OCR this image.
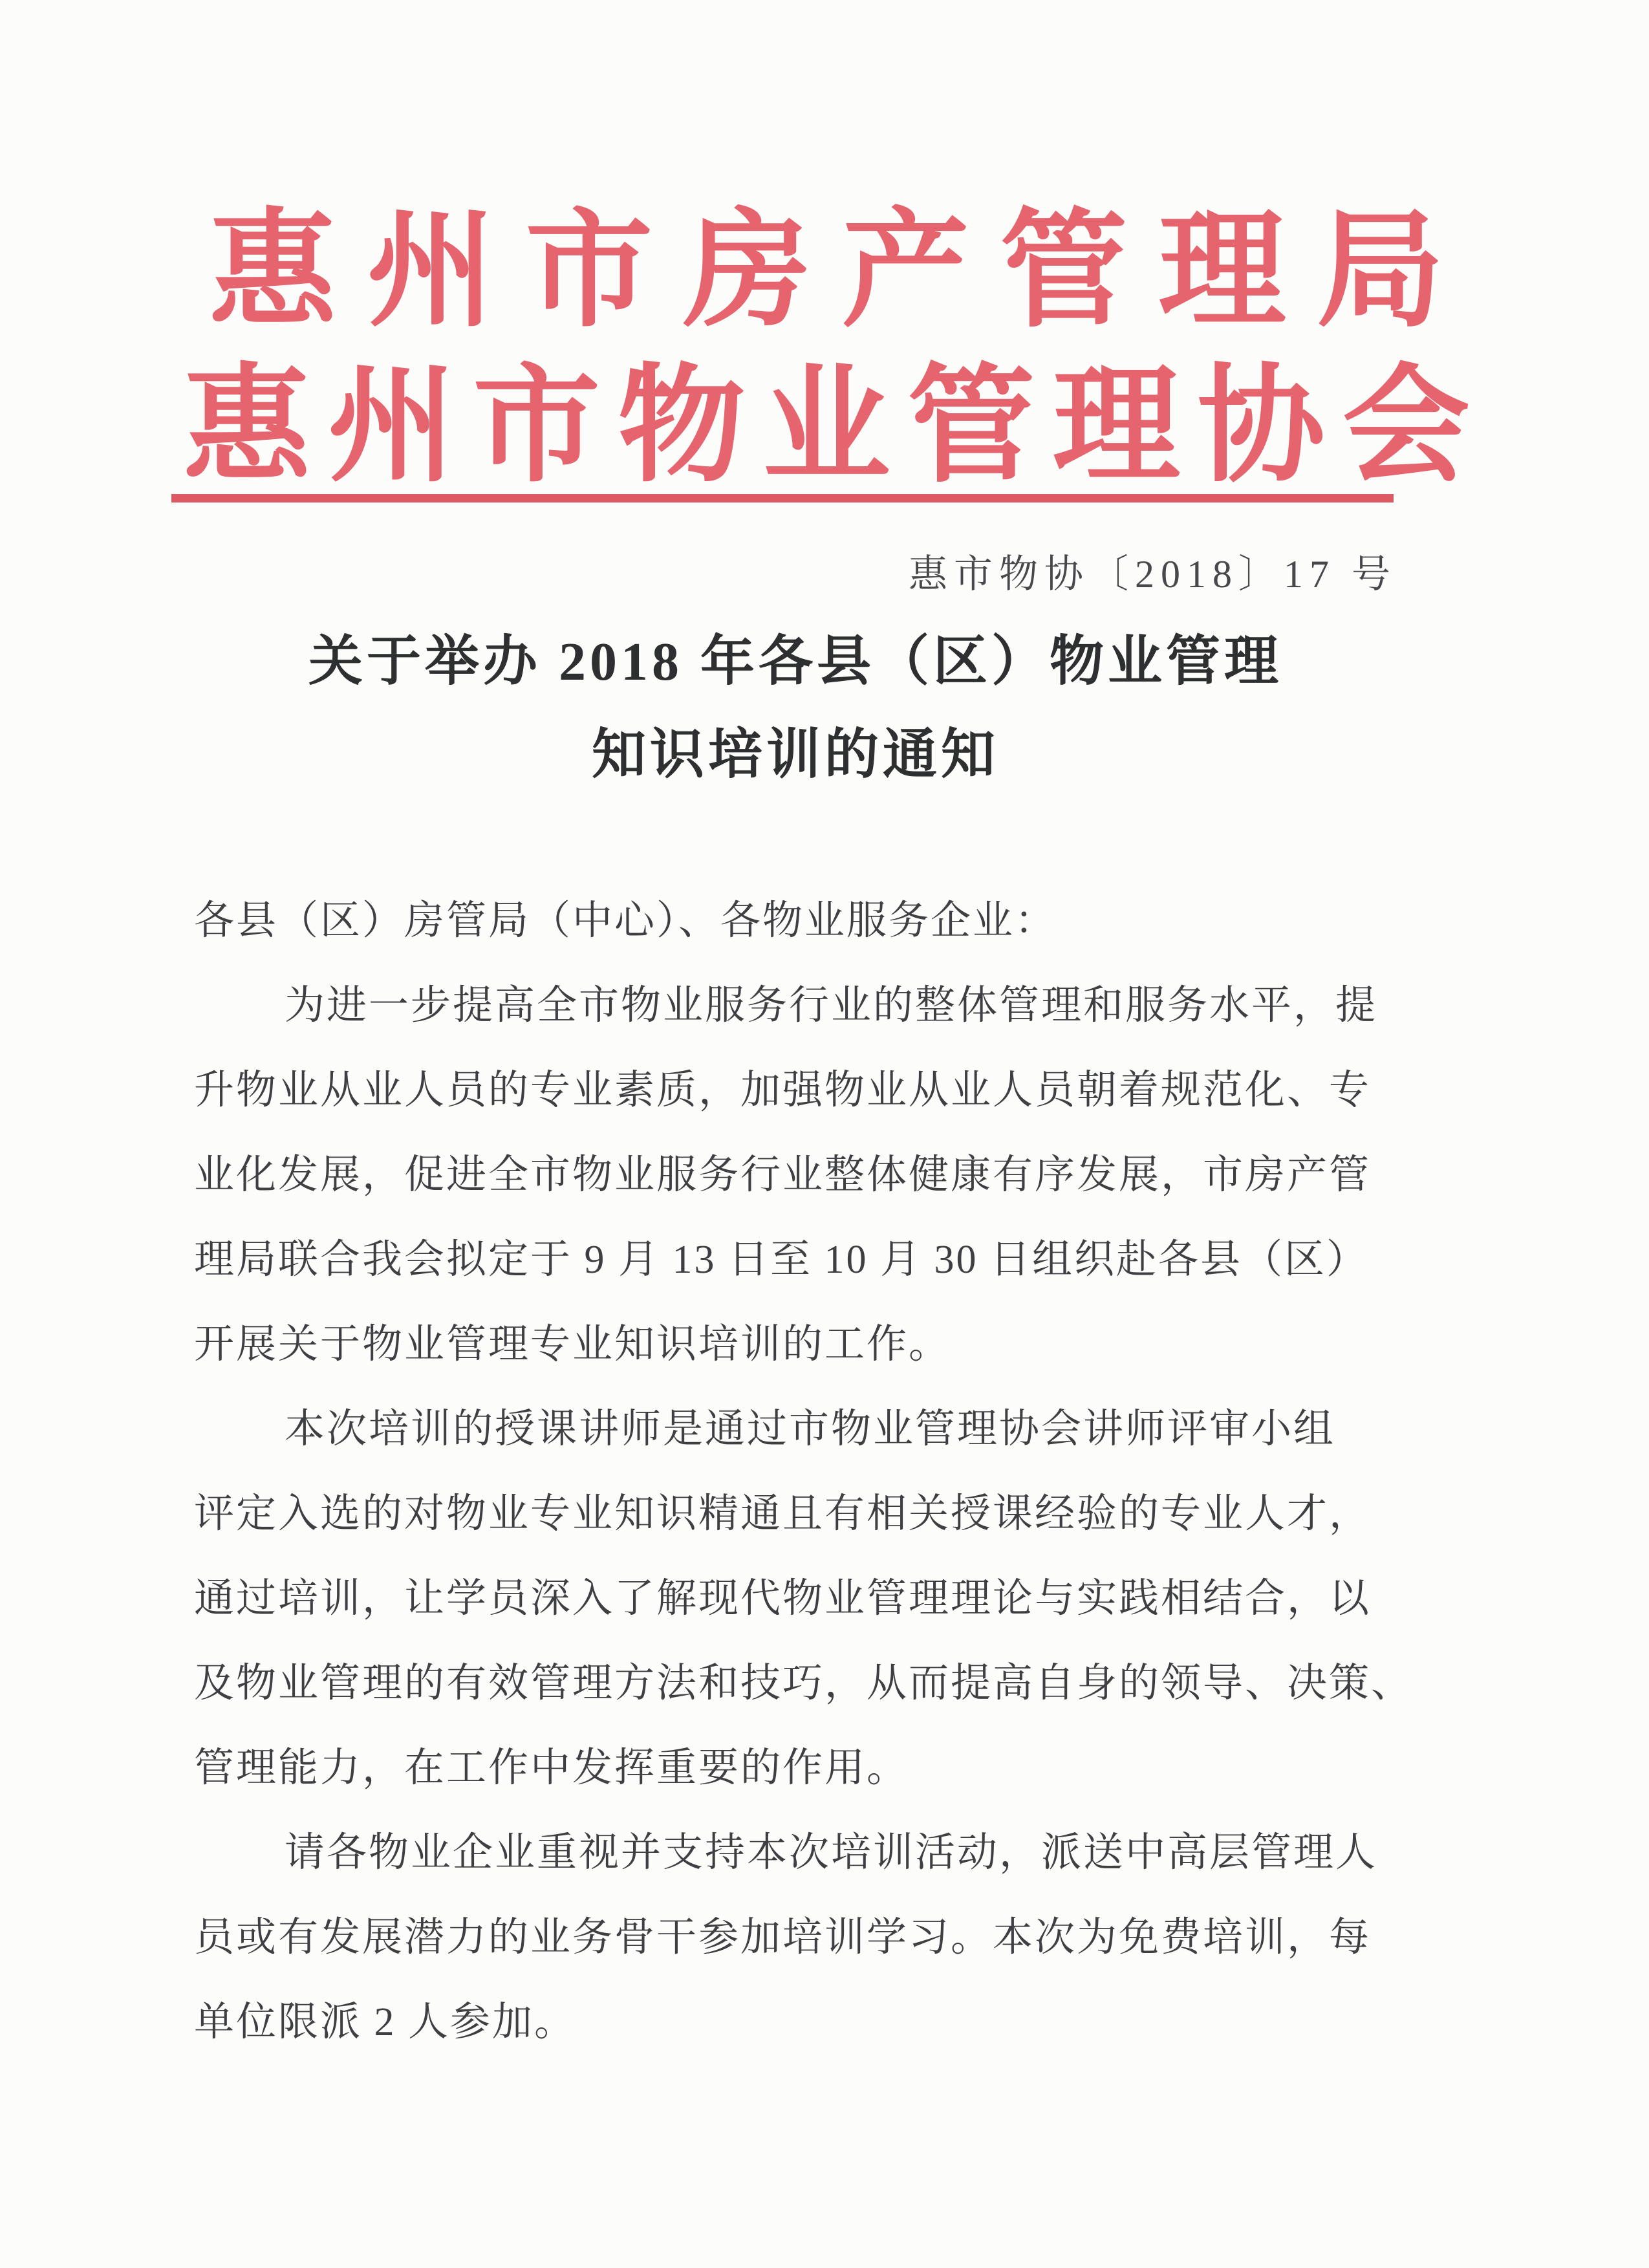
惠 州 市 房 产 管 理 局
惠 州 市 物 业 管 理 协 会
惠市物协〔2018〕17 号
关于举办 2018 年各县（区）物业管理
知识培训的通知
各县（区）房管局（中心）、各物业服务企业：
为进一步提高全市物业服务行业的整体管理和服务水平，提
升物业从业人员的专业素质，加强物业从业人员朝着规范化、专
业化发展，促进全市物业服务行业整体健康有序发展，市房产管
理局联合我会拟定于 9 月 13 日至 10 月 30 日组织赴各县（区）
开展关于物业管理专业知识培训的工作。
本次培训的授课讲师是通过市物业管理协会讲师评审小组
评定入选的对物业专业知识精通且有相关授课经验的专业人才，
通过培训，让学员深入了解现代物业管理理论与实践相结合，以
及物业管理的有效管理方法和技巧，从而提高自身的领导、决策、
管理能力，在工作中发挥重要的作用。
请各物业企业重视并支持本次培训活动，派送中高层管理人
员或有发展潜力的业务骨干参加培训学习。本次为免费培训，每
单位限派 2 人参加。
